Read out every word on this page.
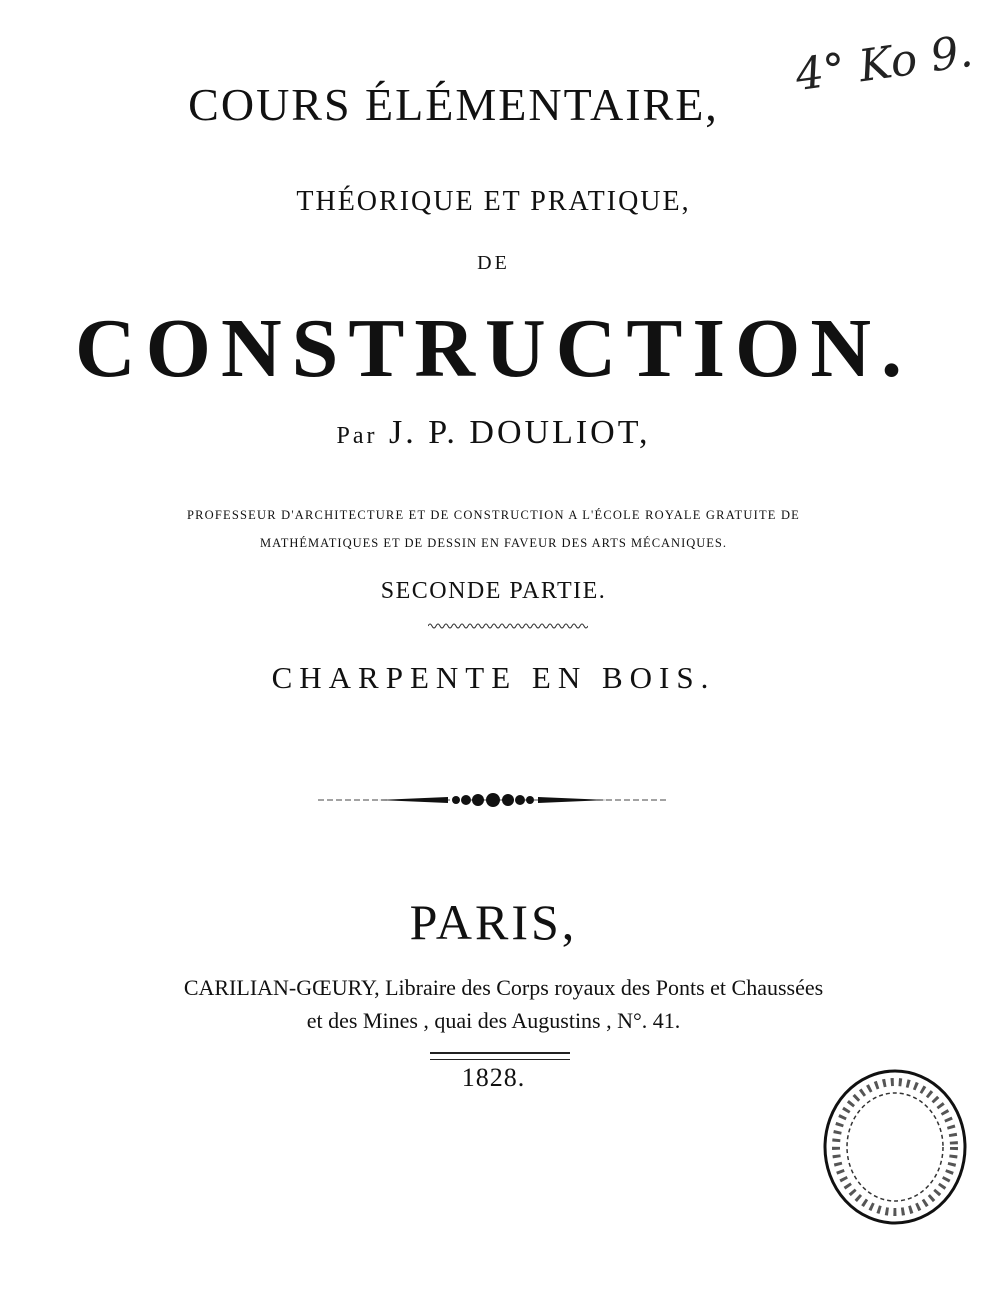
4° Ko 9.
COURS ÉLÉMENTAIRE,
THÉORIQUE ET PRATIQUE,
DE
CONSTRUCTION.
Par J. P. DOULIOT,
PROFESSEUR D'ARCHITECTURE ET DE CONSTRUCTION A L'ÉCOLE ROYALE GRATUITE DE
MATHÉMATIQUES ET DE DESSIN EN FAVEUR DES ARTS MÉCANIQUES.
SECONDE PARTIE.
CHARPENTE EN BOIS.
PARIS,
CARILIAN-GŒURY, Libraire des Corps royaux des Ponts et Chaussées
et des Mines , quai des Augustins , N°. 41.
1828.
